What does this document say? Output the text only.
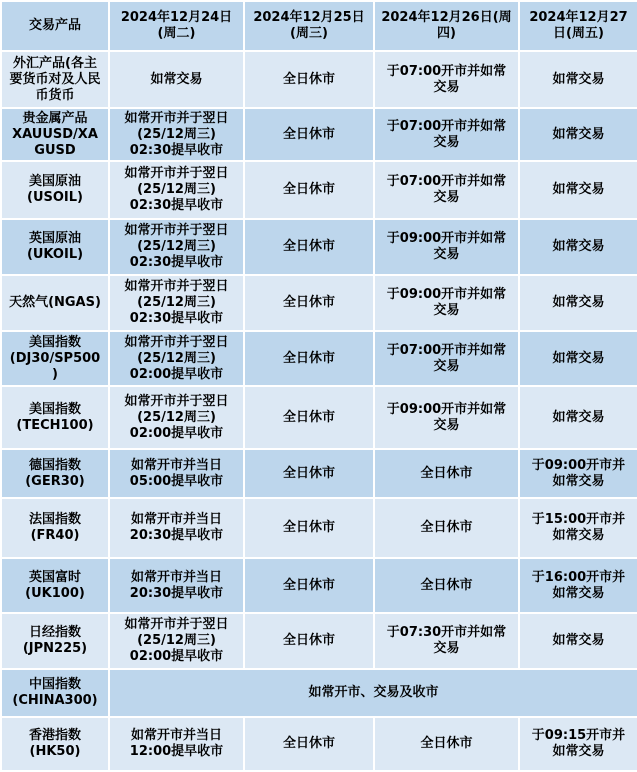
交易产品	2024年12月24日(周二)	2024年12月25日(周三)	2024年12月26日(周四)	2024年12月27日(周五)
外汇产品(各主要货币对及人民币货币	如常交易	全日休市	于07:00开市并如常交易	如常交易
贵金属产品XAUUSD/XAGUSD	如常开市并于翌日(25/12周三) 02:30提早收市	全日休市	于07:00开市并如常交易	如常交易
美国原油(USOIL)	如常开市并于翌日(25/12周三) 02:30提早收市	全日休市	于07:00开市并如常交易	如常交易
英国原油(UKOIL)	如常开市并于翌日(25/12周三) 02:30提早收市	全日休市	于09:00开市并如常交易	如常交易
天然气(NGAS)	如常开市并于翌日(25/12周三) 02:30提早收市	全日休市	于09:00开市并如常交易	如常交易
美国指数(DJ30/SP500)	如常开市并于翌日(25/12周三) 02:00提早收市	全日休市	于07:00开市并如常交易	如常交易
美国指数(TECH100)	如常开市并于翌日(25/12周三) 02:00提早收市	全日休市	于09:00开市并如常交易	如常交易
德国指数(GER30)	如常开市并当日05:00提早收市	全日休市	全日休市	于09:00开市并如常交易
法国指数(FR40)	如常开市并当日20:30提早收市	全日休市	全日休市	于15:00开市并如常交易
英国富时(UK100)	如常开市并当日20:30提早收市	全日休市	全日休市	于16:00开市并如常交易
日经指数(JPN225)	如常开市并于翌日(25/12周三) 02:00提早收市	全日休市	于07:30开市并如常交易	如常交易
中国指数(CHINA300)	如常开市、交易及收市			
香港指数(HK50)	如常开市并当日12:00提早收市	全日休市	全日休市	于09:15开市并如常交易
